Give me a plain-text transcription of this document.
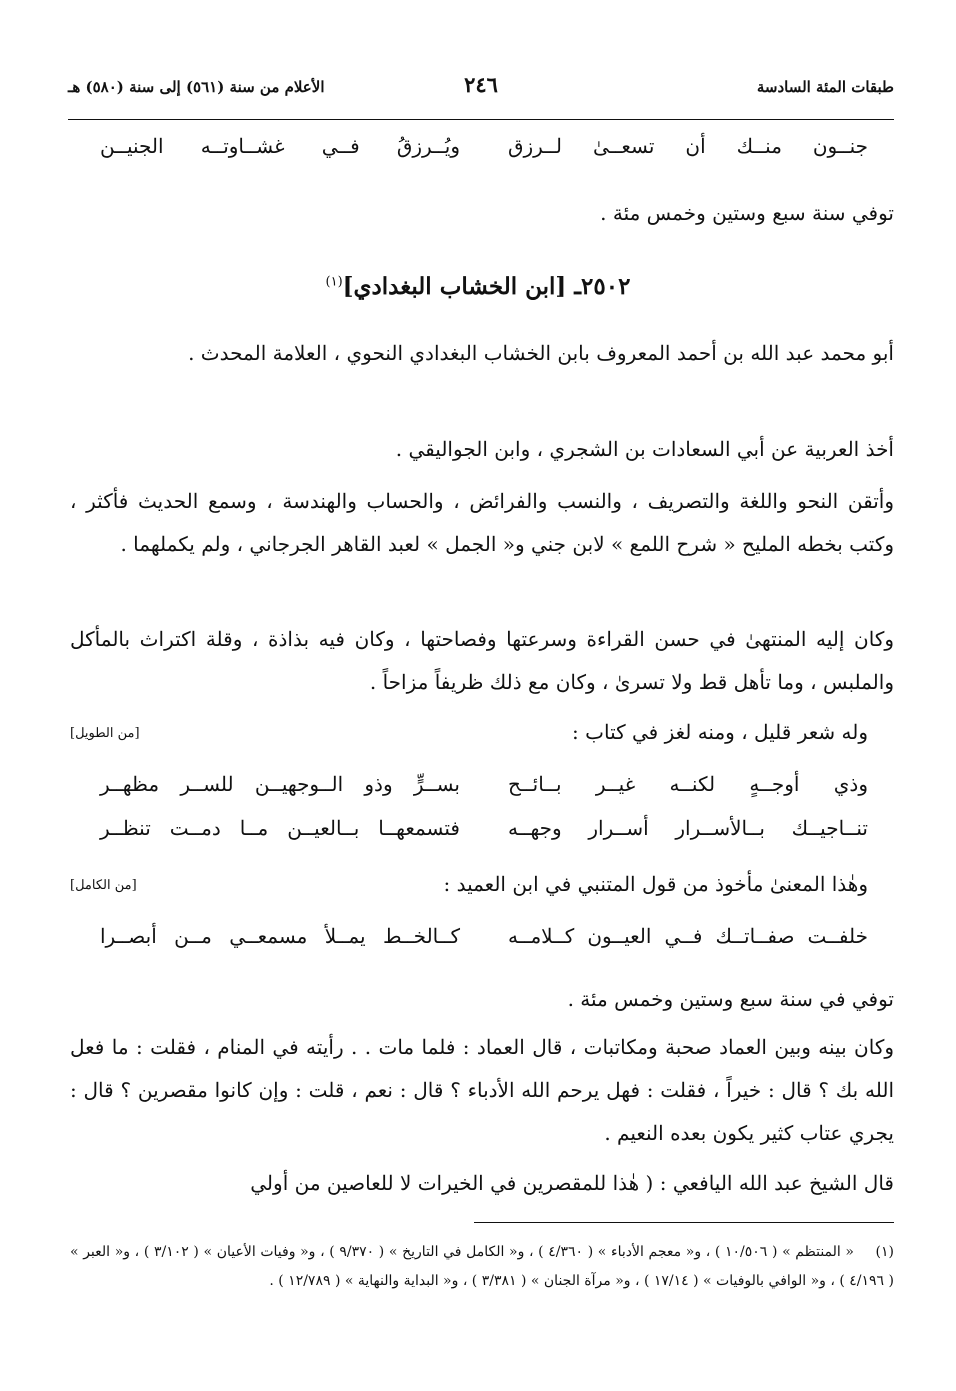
طبقات المئة السادسة
٢٤٦
الأعلام من سنة (٥٦١) إلى سنة (٥٨٠) هـ
جنــون منــك أن تسعــىٰ لــرزق
ويُــرزقُ فــي غشــاوتــه الجنيــن
توفي سنة سبع وستين وخمس مئة .
٢٥٠٢ـ [ابن الخشاب البغدادي]$^{(١)}$
أبو محمد عبد الله بن أحمد المعروف بابن الخشاب البغدادي النحوي ، العلامة المحدث .
أخذ العربية عن أبي السعادات بن الشجري ، وابن الجواليقي .
وأتقن النحو واللغة والتصريف ، والنسب والفرائض ، والحساب والهندسة ، وسمع الحديث فأكثر ، وكتب بخطه المليح « شرح اللمع » لابن جني و« الجمل » لعبد القاهر الجرجاني ، ولم يكملهما .
وكان إليه المنتهىٰ في حسن القراءة وسرعتها وفصاحتها ، وكان فيه بذاذة ، وقلة اكتراث بالمأكل والملبس ، وما تأهل قط ولا تسرىٰ ، وكان مع ذلك ظريفاً مزاحاً .
وله شعر قليل ، ومنه لغز في كتاب :
[من الطويل]
وذي أوجــهٍ لكنــه غيــر بــائــح
بســرٍّ وذو الــوجهيــن للســر مظهــر
تنــاجيــك بــالأســرار أســرار وجهــه
فتسمعهــا بــالعيــن مــا دمــت تنظــر
وهٰذا المعنىٰ مأخوذ من قول المتنبي في ابن العميد :
[من الكامل]
خلفــت صفــاتــك فــي العيــون كــلامــه
كــالخــط يمــلأ مسمعــي مــن أبصــرا
توفي في سنة سبع وستين وخمس مئة .
وكان بينه وبين العماد صحبة ومكاتبات ، قال العماد : فلما مات . . رأيته في المنام ، فقلت : ما فعل الله بك ؟ قال : خيراً ، فقلت : فهل يرحم الله الأدباء ؟ قال : نعم ، قلت : وإن كانوا مقصرين ؟ قال : يجري عتاب كثير يكون بعده النعيم .
قال الشيخ عبد الله اليافعي : ( هٰذا للمقصرين في الخيرات لا للعاصين من أولي
(١)
« المنتظم » ( ١٠/٥٠٦ ) ، و« معجم الأدباء » ( ٤/٣٦٠ ) ، و« الكامل في التاريخ » ( ٩/٣٧٠ ) ، و« وفيات الأعيان » ( ٣/١٠٢ ) ، و« العبر » ( ٤/١٩٦ ) ، و« الوافي بالوفيات » ( ١٧/١٤ ) ، و« مرآة الجنان » ( ٣/٣٨١ ) ، و« البداية والنهاية » ( ١٢/٧٨٩ ) .
